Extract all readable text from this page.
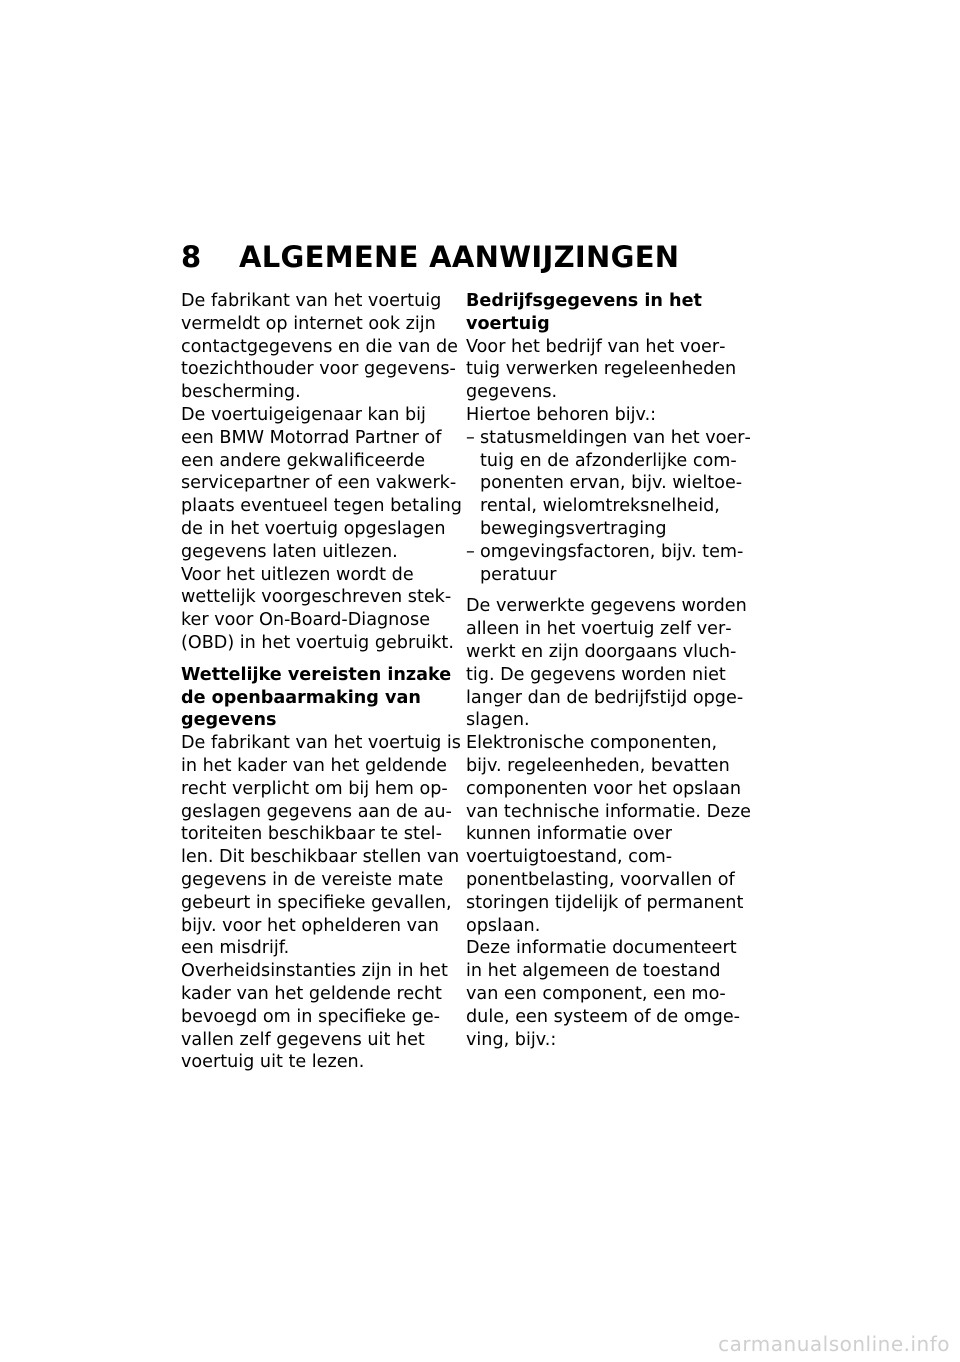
8 ALGEMENE AANWIJZINGEN

De fabrikant van het voertuig vermeldt op internet ook zijn contactgegevens en die van de toezichthouder voor gegevensbescherming.

De voertuigeigenaar kan bij een BMW Motorrad Partner of een andere gekwalificeerde servicepartner of een vakwerkplaats eventueel tegen betaling de in het voertuig opgeslagen gegevens laten uitlezen.

Voor het uitlezen wordt de wettelijk voorgeschreven stekker voor On-Board-Diagnose (OBD) in het voertuig gebruikt.

Wettelijke vereisten inzake de openbaarmaking van gegevens

De fabrikant van het voertuig is in het kader van het geldende recht verplicht om bij hem opgeslagen gegevens aan de autoriteiten beschikbaar te stellen. Dit beschikbaar stellen van gegevens in de vereiste mate gebeurt in specifieke gevallen, bijv. voor het ophelderen van een misdrijf.

Overheidsinstanties zijn in het kader van het geldende recht bevoegd om in specifieke gevallen zelf gegevens uit het voertuig uit te lezen.

Bedrijfsgegevens in het voertuig

Voor het bedrijf van het voertuig verwerken regeleenheden gegevens.

Hiertoe behoren bijv.:

– statusmeldingen van het voertuig en de afzonderlijke componenten ervan, bijv. wieltoerental, wielomtreksnelheid, bewegingsvertraging
– omgevingsfactoren, bijv. temperatuur

De verwerkte gegevens worden alleen in het voertuig zelf verwerkt en zijn doorgaans vluchtig. De gegevens worden niet langer dan de bedrijfstijd opgeslagen.

Elektronische componenten, bijv. regeleenheden, bevatten componenten voor het opslaan van technische informatie. Deze kunnen informatie over voertuigtoestand, componentbelasting, voorvallen of storingen tijdelijk of permanent opslaan.

Deze informatie documenteert in het algemeen de toestand van een component, een module, een systeem of de omgeving, bijv.:

carmanualsonline.info
